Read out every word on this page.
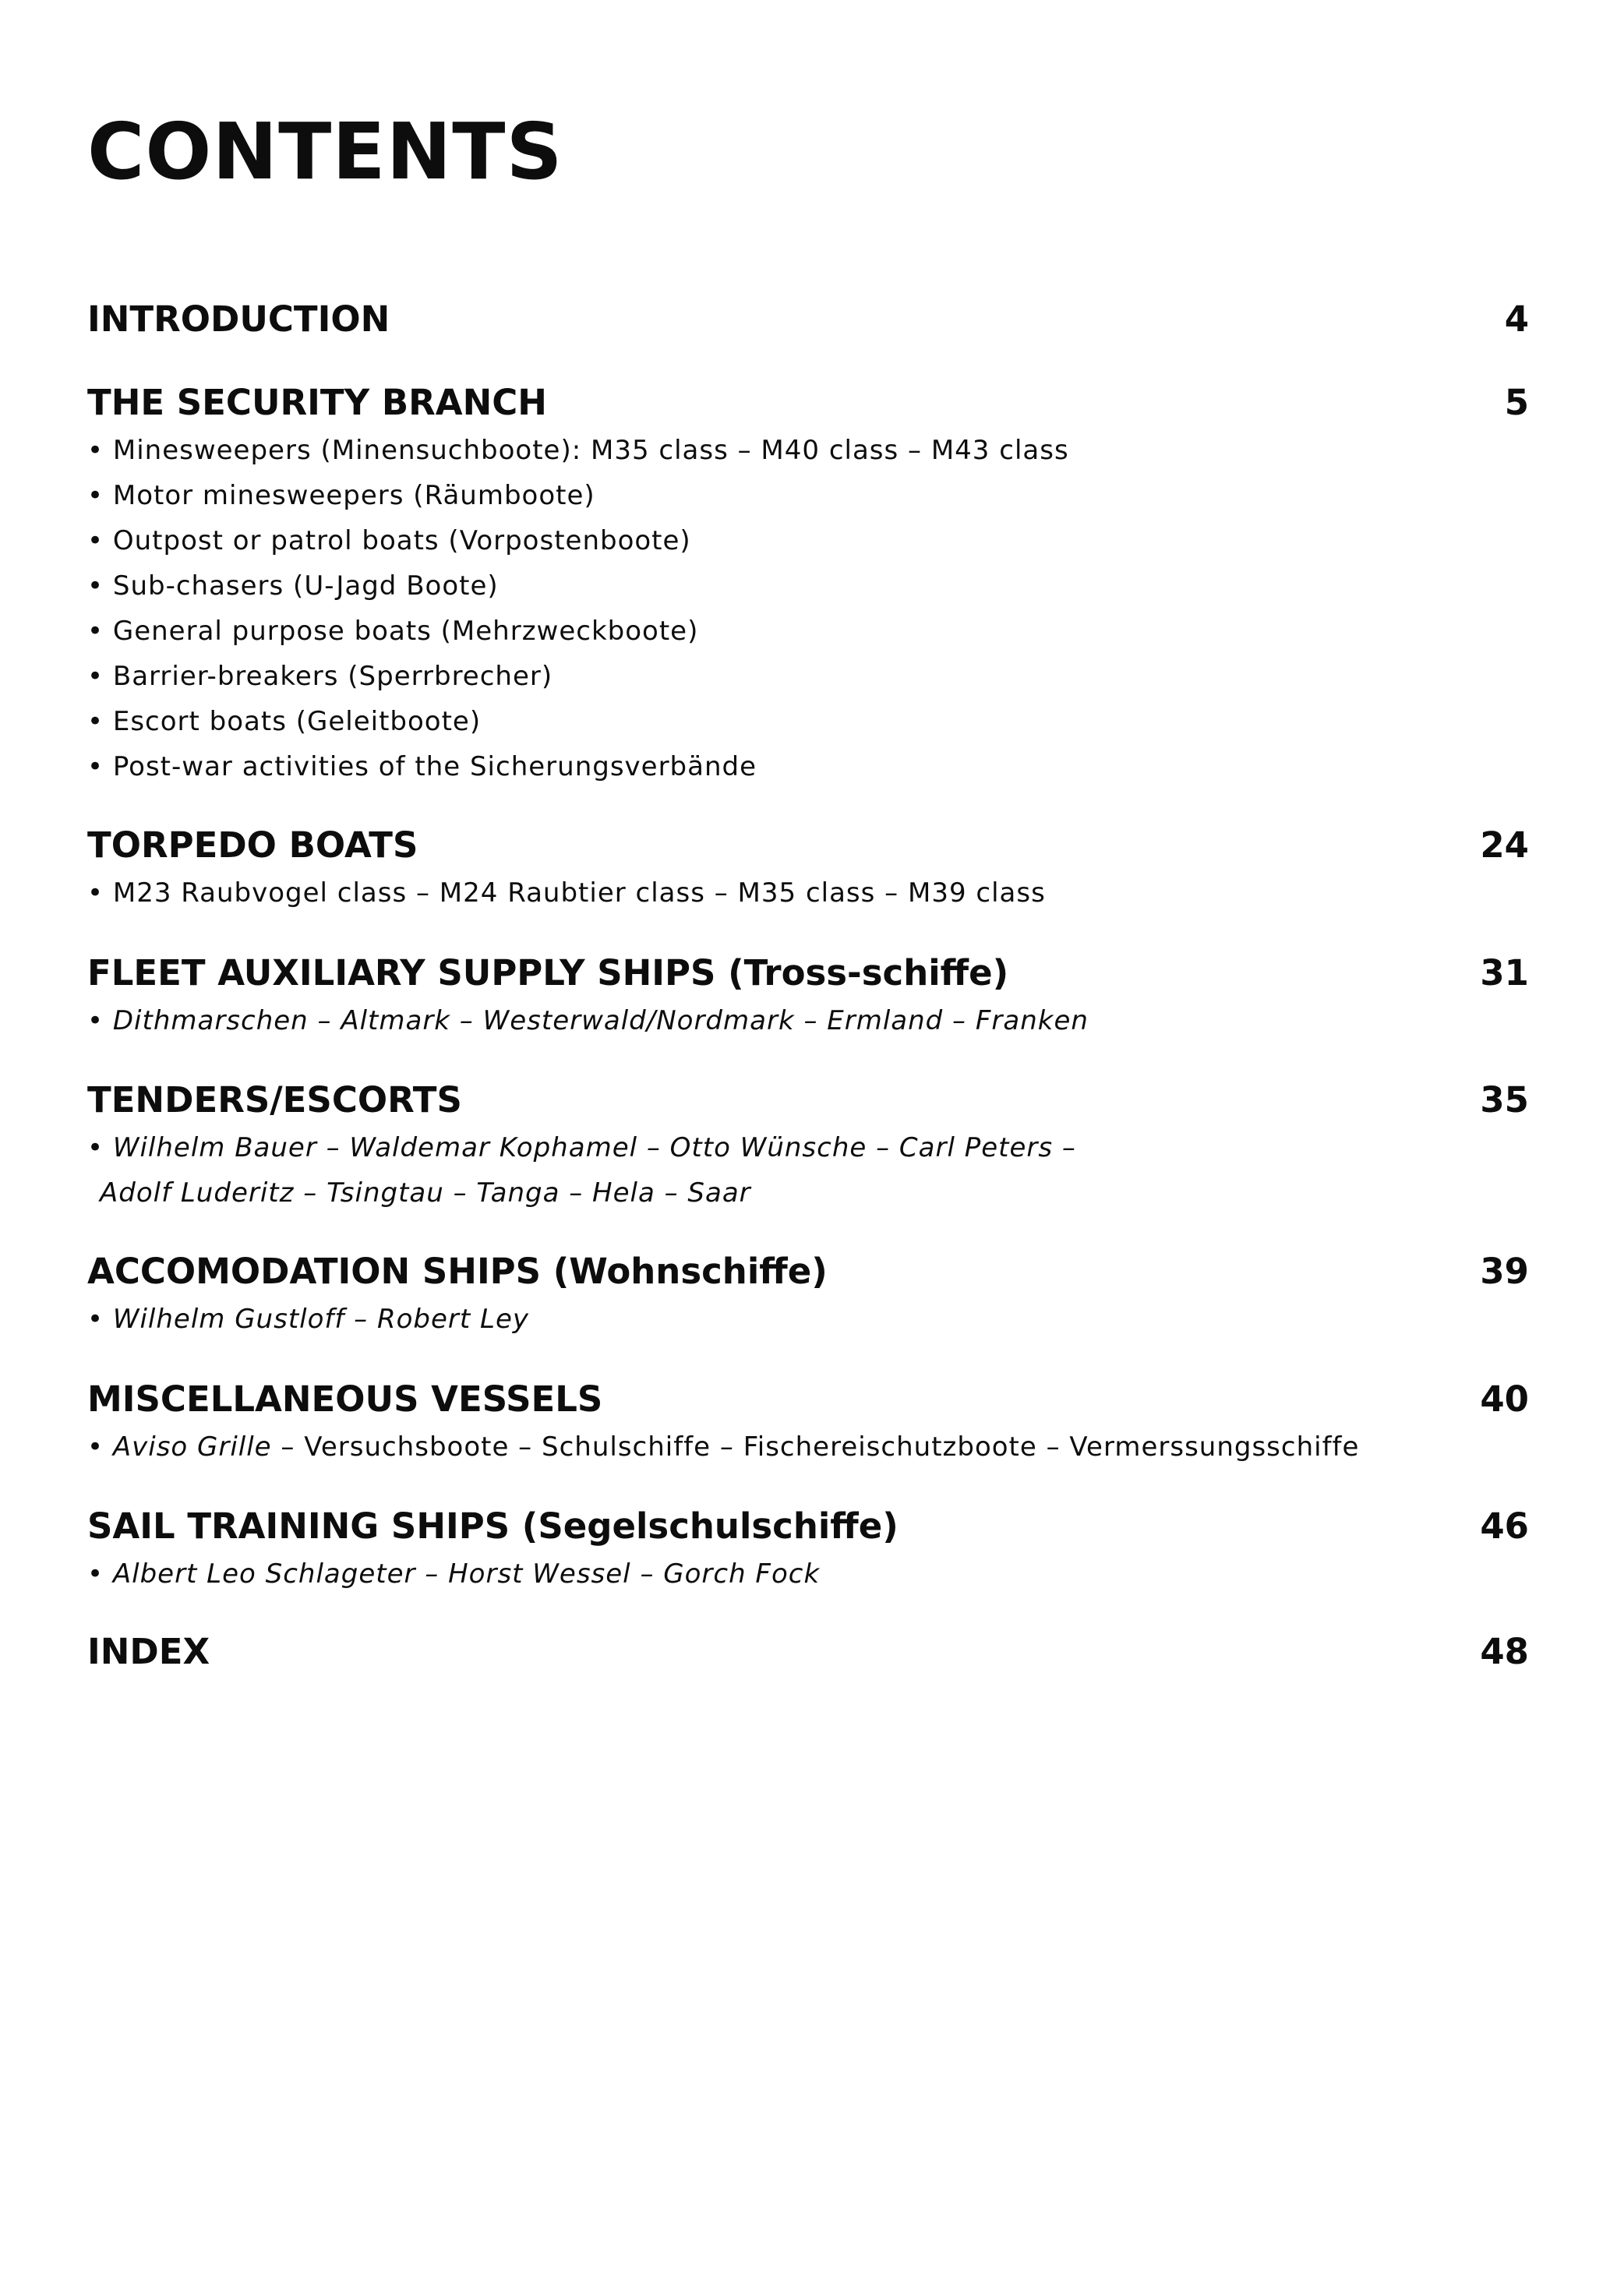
CONTENTS
INTRODUCTION	4
THE SECURITY BRANCH	5
• Minesweepers (Minensuchboote): M35 class – M40 class – M43 class
• Motor minesweepers (Räumboote)
• Outpost or patrol boats (Vorpostenboote)
• Sub-chasers (U-Jagd Boote)
• General purpose boats (Mehrzweckboote)
• Barrier-breakers (Sperrbrecher)
• Escort boats (Geleitboote)
• Post-war activities of the Sicherungsverbände
TORPEDO BOATS	24
• M23 Raubvogel class – M24 Raubtier class – M35 class – M39 class
FLEET AUXILIARY SUPPLY SHIPS (Tross-schiffe)	31
• Dithmarschen – Altmark – Westerwald/Nordmark – Ermland – Franken
TENDERS/ESCORTS	35
• Wilhelm Bauer – Waldemar Kophamel – Otto Wünsche – Carl Peters –
Adolf Luderitz – Tsingtau – Tanga – Hela – Saar
ACCOMODATION SHIPS (Wohnschiffe)	39
• Wilhelm Gustloff – Robert Ley
MISCELLANEOUS VESSELS	40
• Aviso Grille – Versuchsboote – Schulschiffe – Fischereischutzboote – Vermerssungsschiffe
SAIL TRAINING SHIPS (Segelschulschiffe)	46
• Albert Leo Schlageter – Horst Wessel – Gorch Fock
INDEX	48
